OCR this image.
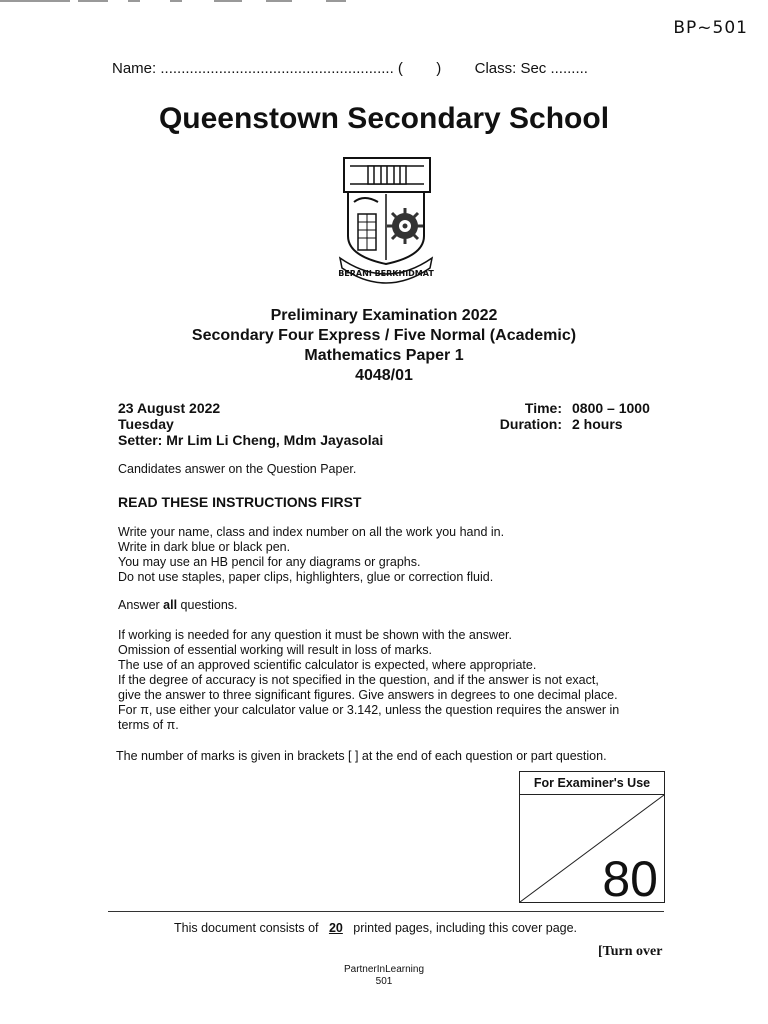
BP~501
Name: ........................................................ (        ) Class: Sec .........
Queenstown Secondary School
BERANI BERKHIDMAT
Preliminary Examination 2022
Secondary Four Express / Five Normal (Academic)
Mathematics Paper 1
4048/01
23 August 2022
Tuesday
Setter: Mr Lim Li Cheng, Mdm Jayasolai
Time:	0800 – 1000
Duration:	2 hours
Candidates answer on the Question Paper.
READ THESE INSTRUCTIONS FIRST
Write your name, class and index number on all the work you hand in.
Write in dark blue or black pen.
You may use an HB pencil for any diagrams or graphs.
Do not use staples, paper clips, highlighters, glue or correction fluid.
Answer all questions.
If working is needed for any question it must be shown with the answer.
Omission of essential working will result in loss of marks.
The use of an approved scientific calculator is expected, where appropriate.
If the degree of accuracy is not specified in the question, and if the answer is not exact,
give the answer to three significant figures. Give answers in degrees to one decimal place.
For π, use either your calculator value or 3.142, unless the question requires the answer in
terms of π.
The number of marks is given in brackets [ ] at the end of each question or part question.
For Examiner's Use
80
This document consists of   20   printed pages, including this cover page.
[Turn over
PartnerInLearning
501
